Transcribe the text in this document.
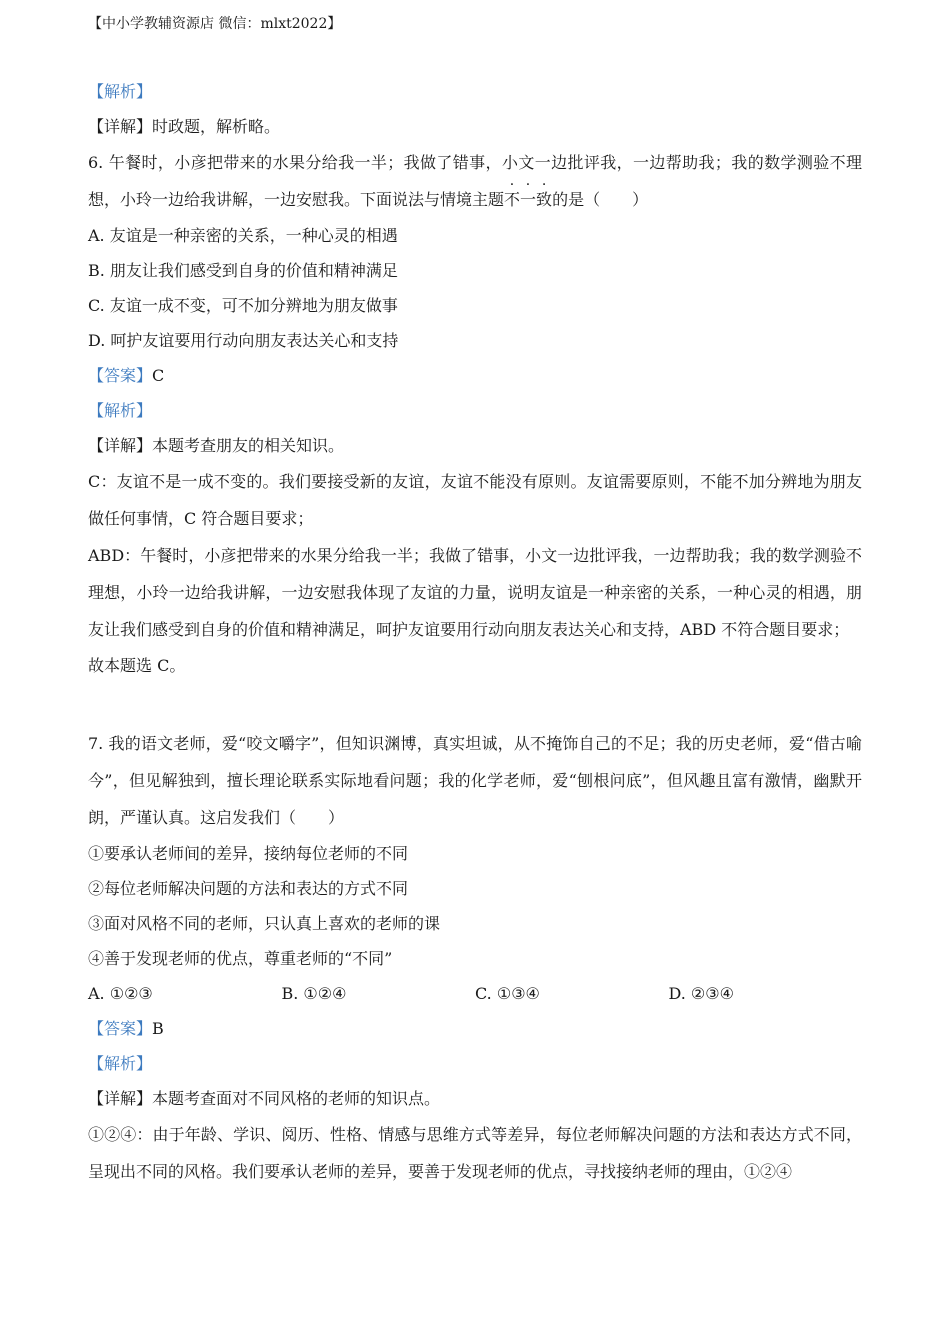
【中小学教辅资源店 微信：mlxt2022】
【解析】
【详解】时政题，解析略。
6. 午餐时，小彦把带来的水果分给我一半；我做了错事，小文一边批评我，一边帮助我；我的数学测验不理想，小玲一边给我讲解，一边安慰我。下面说法与情境主题不一致的是（　　）
A. 友谊是一种亲密的关系，一种心灵的相遇
B. 朋友让我们感受到自身的价值和精神满足
C. 友谊一成不变，可不加分辨地为朋友做事
D. 呵护友谊要用行动向朋友表达关心和支持
【答案】C
【解析】
【详解】本题考查朋友的相关知识。
C：友谊不是一成不变的。我们要接受新的友谊，友谊不能没有原则。友谊需要原则，不能不加分辨地为朋友做任何事情，C 符合题目要求；
ABD：午餐时，小彦把带来的水果分给我一半；我做了错事，小文一边批评我，一边帮助我；我的数学测验不理想，小玲一边给我讲解，一边安慰我体现了友谊的力量，说明友谊是一种亲密的关系，一种心灵的相遇，朋友让我们感受到自身的价值和精神满足，呵护友谊要用行动向朋友表达关心和支持，ABD 不符合题目要求；
故本题选 C。
7. 我的语文老师，爱“咬文嚼字”，但知识渊博，真实坦诚，从不掩饰自己的不足；我的历史老师，爱“借古喻今”，但见解独到，擅长理论联系实际地看问题；我的化学老师，爱“刨根问底”，但风趣且富有激情，幽默开朗，严谨认真。这启发我们（　　）
①要承认老师间的差异，接纳每位老师的不同
②每位老师解决问题的方法和表达的方式不同
③面对风格不同的老师，只认真上喜欢的老师的课
④善于发现老师的优点，尊重老师的“不同”
A. ①②③	B. ①②④	C. ①③④	D. ②③④
【答案】B
【解析】
【详解】本题考查面对不同风格的老师的知识点。
①②④：由于年龄、学识、阅历、性格、情感与思维方式等差异，每位老师解决问题的方法和表达方式不同，呈现出不同的风格。我们要承认老师的差异，要善于发现老师的优点，寻找接纳老师的理由，①②④
